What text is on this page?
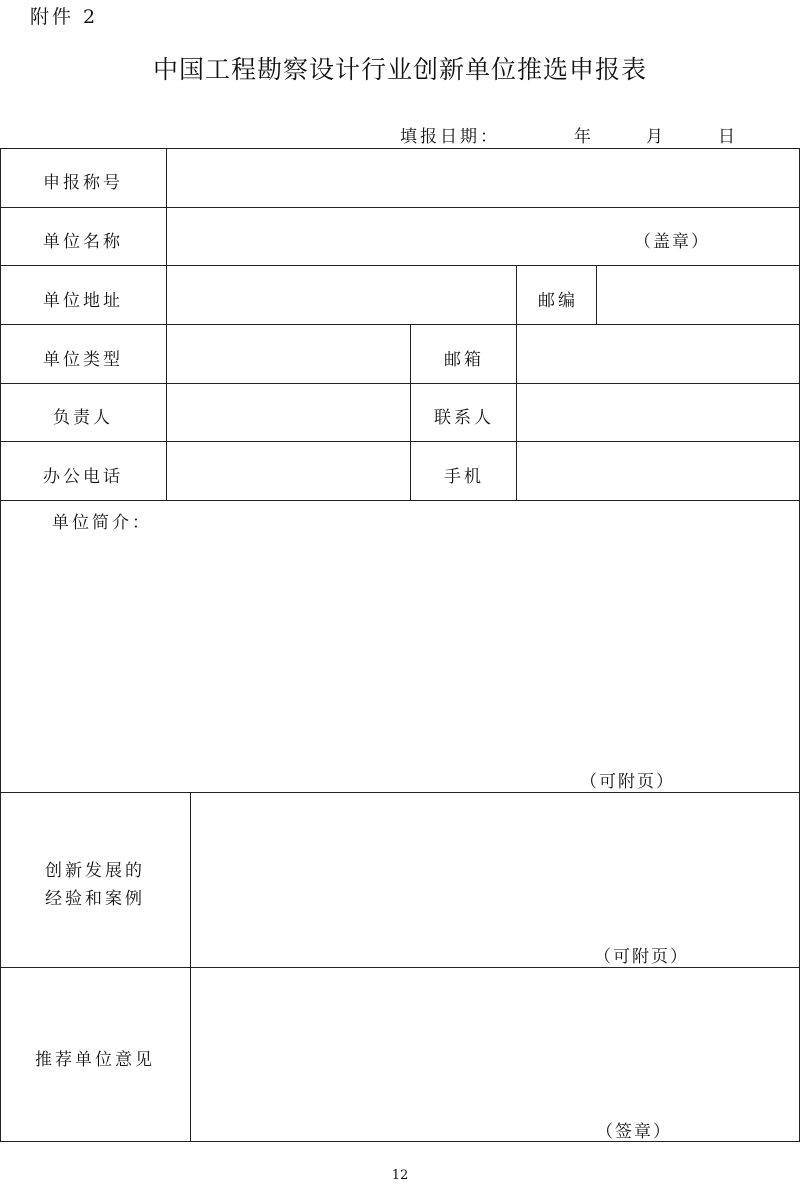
附件 2
中国工程勘察设计行业创新单位推选申报表
填报日期：	年	月	日
申报称号
单位名称	（盖章）
单位地址	邮编
单位类型	邮箱
负责人	联系人
办公电话	手机
单位简介：
（可附页）
创新发展的
经验和案例
（可附页）
推荐单位意见
（签章）
12
